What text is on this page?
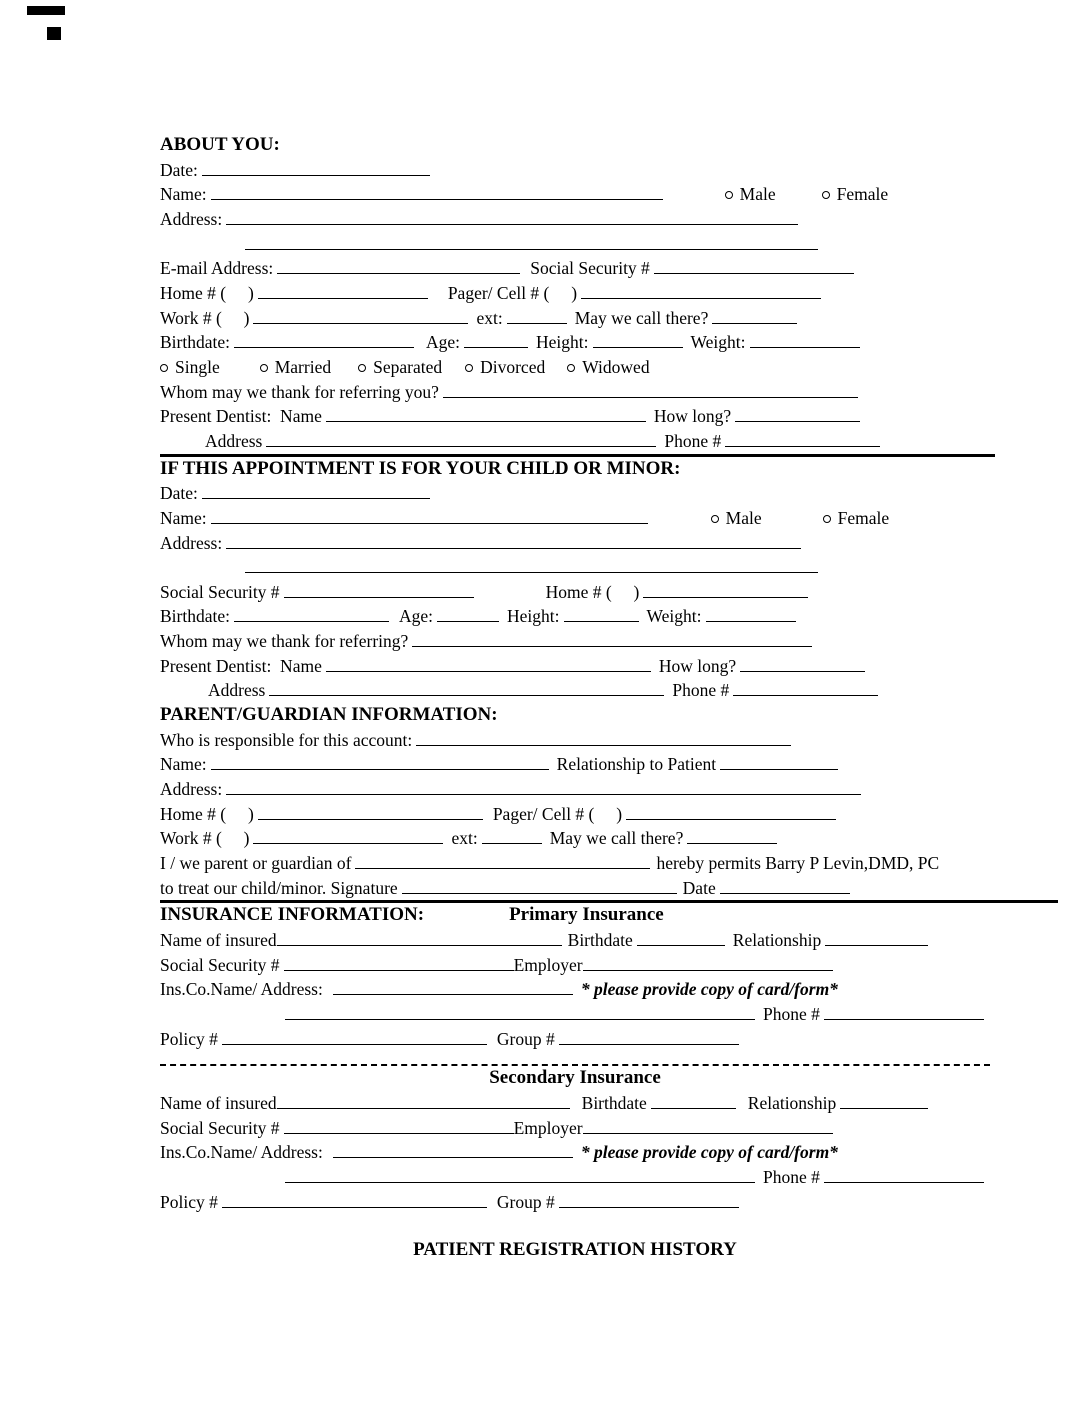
ABOUT YOU:
Date:
Name:	Male	Female
Address:
E-mail Address:	Social Security #
Home # (     )	Pager/ Cell # (     )
Work # (     )	ext:	May we call there?
Birthdate:	Age:	Height:	Weight:
Single	Married Separated Divorced Widowed
Whom may we thank for referring you?
Present Dentist:  Name	How long?
Address	Phone #
IF THIS APPOINTMENT IS FOR YOUR CHILD OR MINOR:
Date:
Name:	Male	Female
Address:
Social Security #	Home # (     )
Birthdate:	Age:	Height:	Weight:
Whom may we thank for referring?
Present Dentist:  Name	How long?
Address	Phone #
PARENT/GUARDIAN INFORMATION:
Who is responsible for this account:
Name:	Relationship to Patient
Address:
Home # (     )	Pager/ Cell # (     )
Work # (     )	ext:	May we call there?
I / we parent or guardian of	hereby permits Barry P Levin,DMD, PC
to treat our child/minor. Signature	Date
INSURANCE INFORMATION:	Primary Insurance
Name of insured	Birthdate	Relationship
Social Security #	Employer
Ins.Co.Name/ Address:	* please provide copy of card/form*
Phone #
Policy #	Group #
Secondary Insurance
Name of insured	Birthdate	Relationship
Social Security #	Employer
Ins.Co.Name/ Address:	* please provide copy of card/form*
Phone #
Policy #	Group #
PATIENT REGISTRATION HISTORY
